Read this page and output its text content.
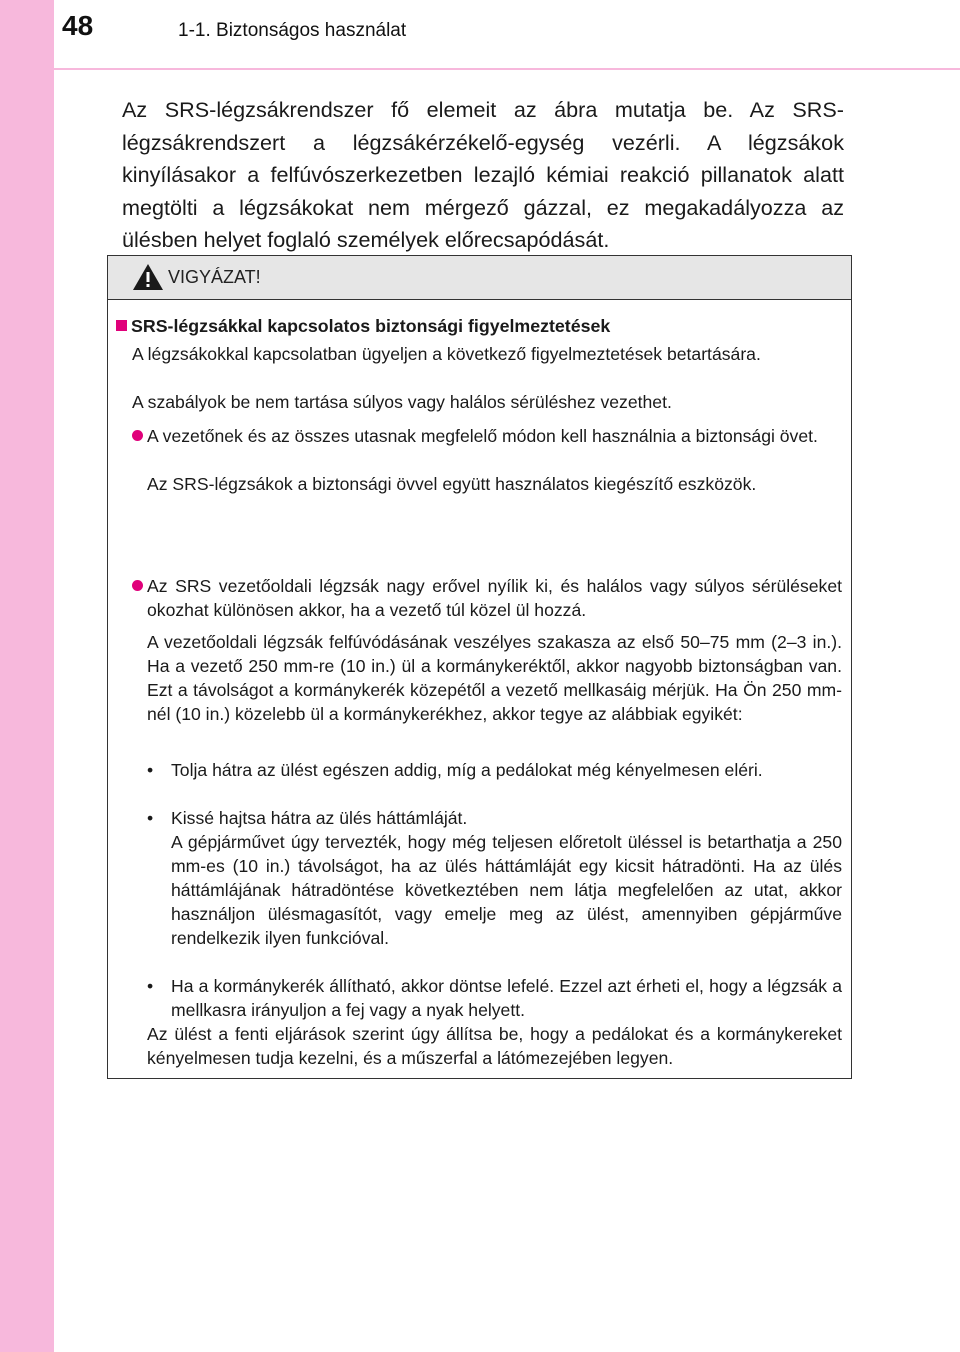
48	1-1. Biztonságos használat
Az SRS-légzsákrendszer fő elemeit az ábra mutatja be. Az SRS-légzsákrendszert a légzsákérzékelő-egység vezérli. A légzsákok kinyílásakor a felfúvószerkezetben lezajló kémiai reakció pillanatok alatt megtölti a légzsákokat nem mérgező gázzal, ez megakadályozza az ülésben helyet foglaló személyek előrecsapódását.
VIGYÁZAT!
SRS-légzsákkal kapcsolatos biztonsági figyelmeztetések
A légzsákokkal kapcsolatban ügyeljen a következő figyelmeztetések betartására.
A szabályok be nem tartása súlyos vagy halálos sérüléshez vezethet.
A vezetőnek és az összes utasnak megfelelő módon kell használnia a biztonsági övet.
Az SRS-légzsákok a biztonsági övvel együtt használatos kiegészítő eszközök.
Az SRS vezetőoldali légzsák nagy erővel nyílik ki, és halálos vagy súlyos sérüléseket okozhat különösen akkor, ha a vezető túl közel ül hozzá.
A vezetőoldali légzsák felfúvódásának veszélyes szakasza az első 50–75 mm (2–3 in.). Ha a vezető 250 mm-re (10 in.) ül a kormánykeréktől, akkor nagyobb biztonságban van. Ezt a távolságot a kormánykerék közepétől a vezető mellkasáig mérjük. Ha Ön 250 mm-nél (10 in.) közelebb ül a kormánykerékhez, akkor tegye az alábbiak egyikét:
• Tolja hátra az ülést egészen addig, míg a pedálokat még kényelmesen eléri.
• Kissé hajtsa hátra az ülés háttámláját.
A gépjárművet úgy tervezték, hogy még teljesen előretolt üléssel is betarthatja a 250 mm-es (10 in.) távolságot, ha az ülés háttámláját egy kicsit hátradönti. Ha az ülés háttámlájának hátradöntése következtében nem látja megfelelően az utat, akkor használjon ülésmagasítót, vagy emelje meg az ülést, amennyiben gépjárműve rendelkezik ilyen funkcióval.
• Ha a kormánykerék állítható, akkor döntse lefelé. Ezzel azt érheti el, hogy a légzsák a mellkasra irányuljon a fej vagy a nyak helyett.
Az ülést a fenti eljárások szerint úgy állítsa be, hogy a pedálokat és a kormánykereket kényelmesen tudja kezelni, és a műszerfal a látómezejében legyen.
